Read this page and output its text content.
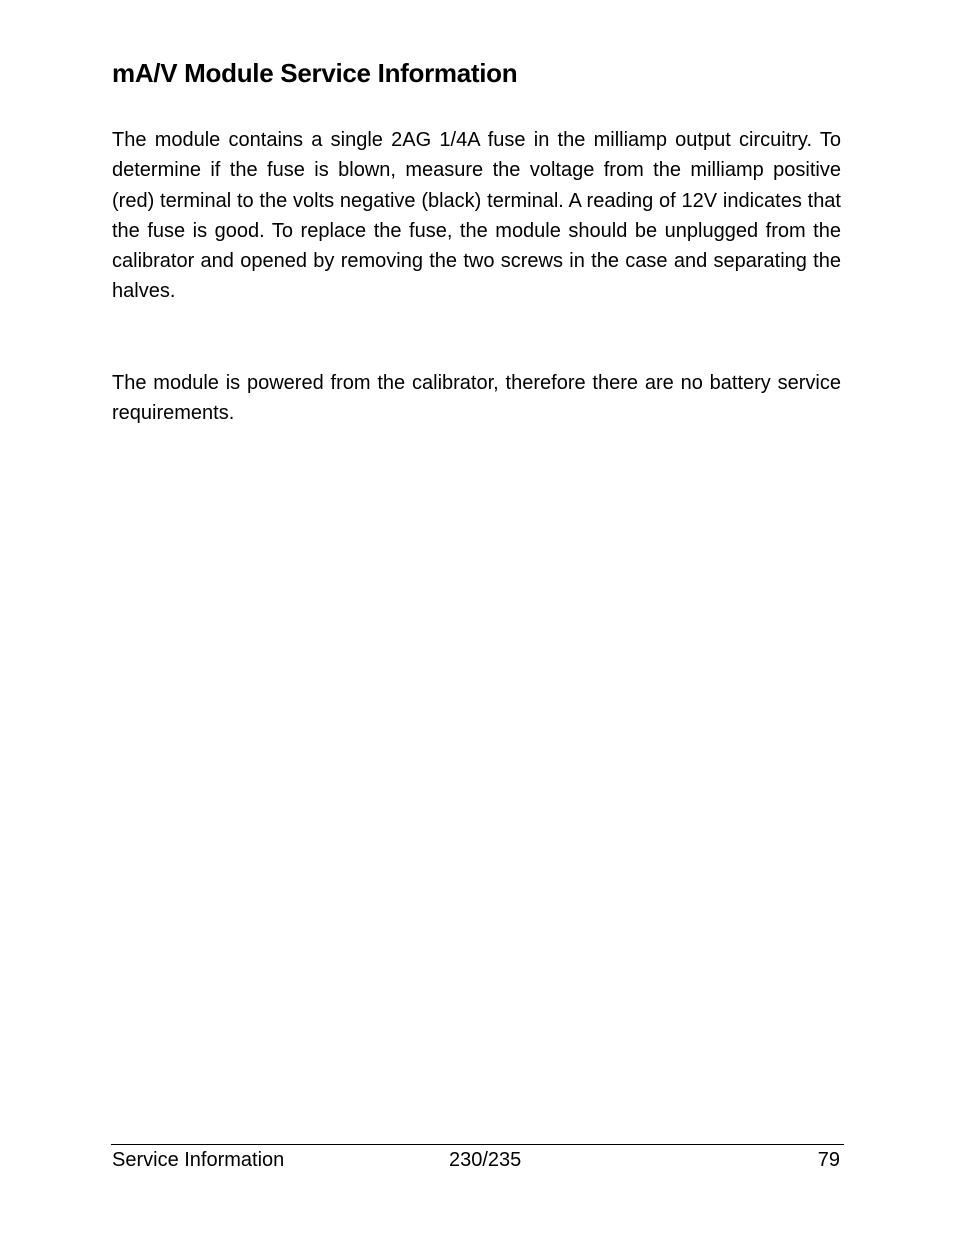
mA/V Module Service Information

The module contains a single 2AG 1/4A fuse in the milliamp output circuitry. To determine if the fuse is blown, measure the voltage from the milliamp positive (red) terminal to the volts negative (black) terminal. A reading of 12V indicates that the fuse is good. To replace the fuse, the module should be unplugged from the calibrator and opened by removing the two screws in the case and separating the halves.

The module is powered from the calibrator, therefore there are no battery service requirements.

Service Information	230/235	79
